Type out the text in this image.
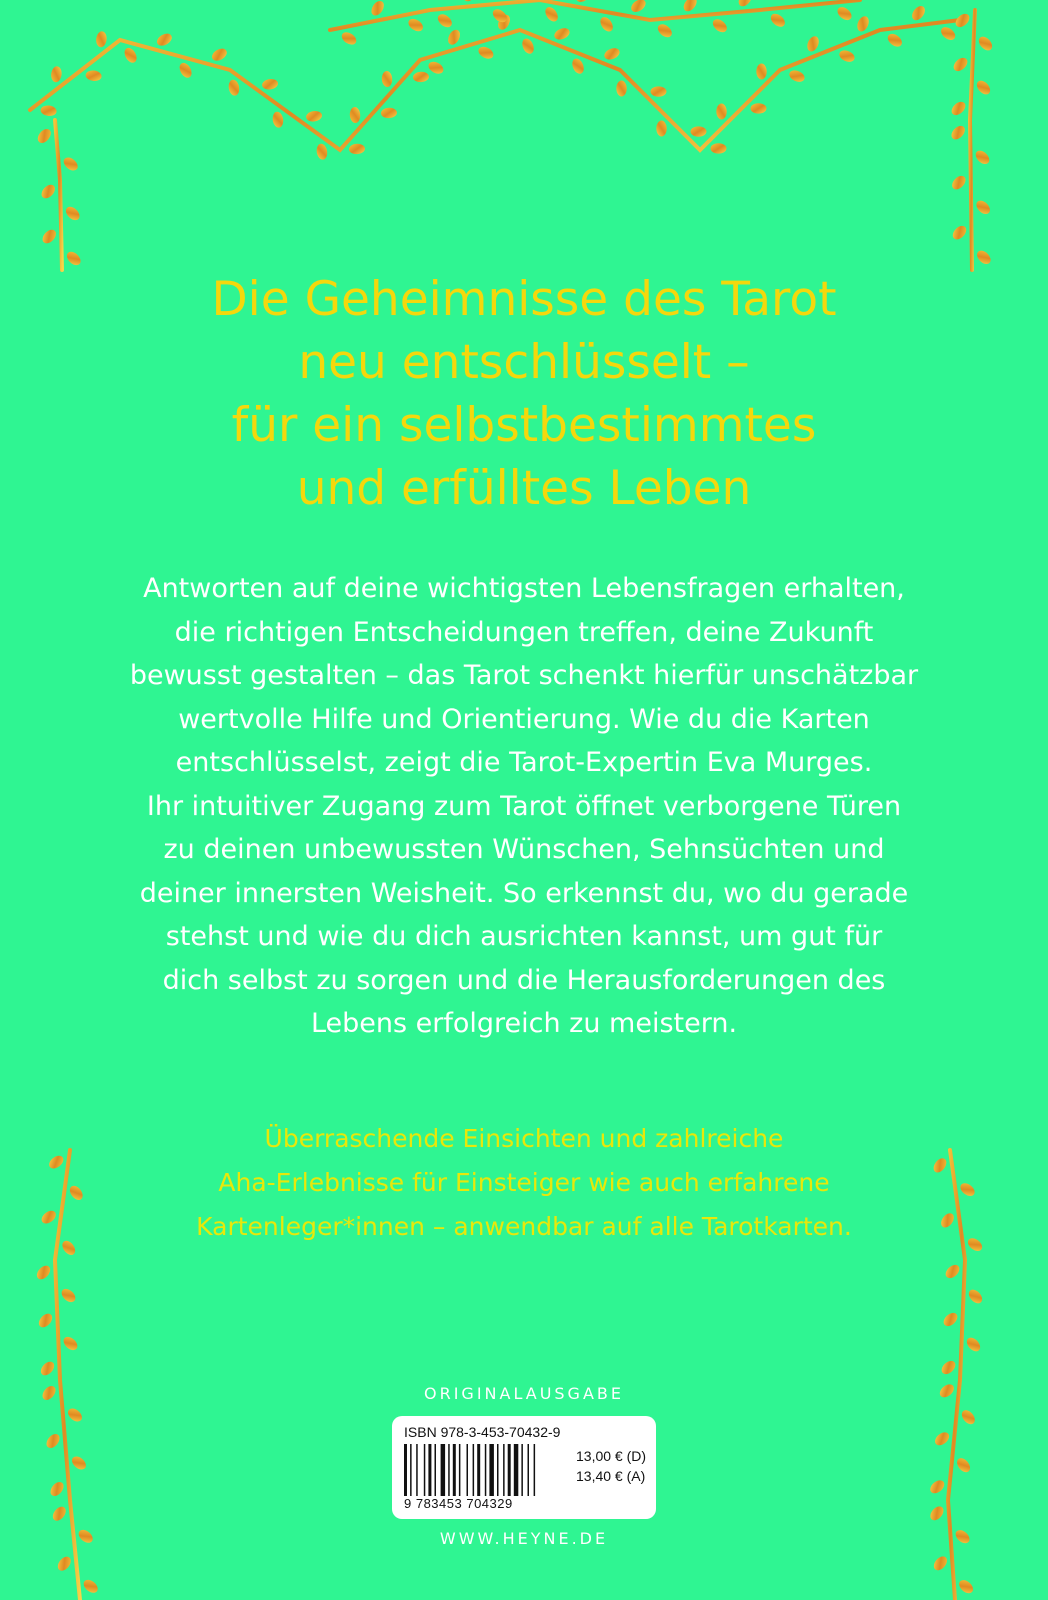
Die Geheimnisse des Tarot
neu entschlüsselt –
für ein selbstbestimmtes
und erfülltes Leben
Antworten auf deine wichtigsten Lebensfragen erhalten,
die richtigen Entscheidungen treffen, deine Zukunft
bewusst gestalten – das Tarot schenkt hierfür unschätzbar
wertvolle Hilfe und Orientierung. Wie du die Karten
entschlüsselst, zeigt die Tarot-Expertin Eva Murges.
Ihr intuitiver Zugang zum Tarot öffnet verborgene Türen
zu deinen unbewussten Wünschen, Sehnsüchten und
deiner innersten Weisheit. So erkennst du, wo du gerade
stehst und wie du dich ausrichten kannst, um gut für
dich selbst zu sorgen und die Herausforderungen des
Lebens erfolgreich zu meistern.
Überraschende Einsichten und zahlreiche
Aha-Erlebnisse für Einsteiger wie auch erfahrene
Kartenleger*innen – anwendbar auf alle Tarotkarten.
ORIGINALAUSGABE
ISBN 978-3-453-70432-9
9 783453 704329
13,00 € (D)
13,40 € (A)
WWW.HEYNE.DE
